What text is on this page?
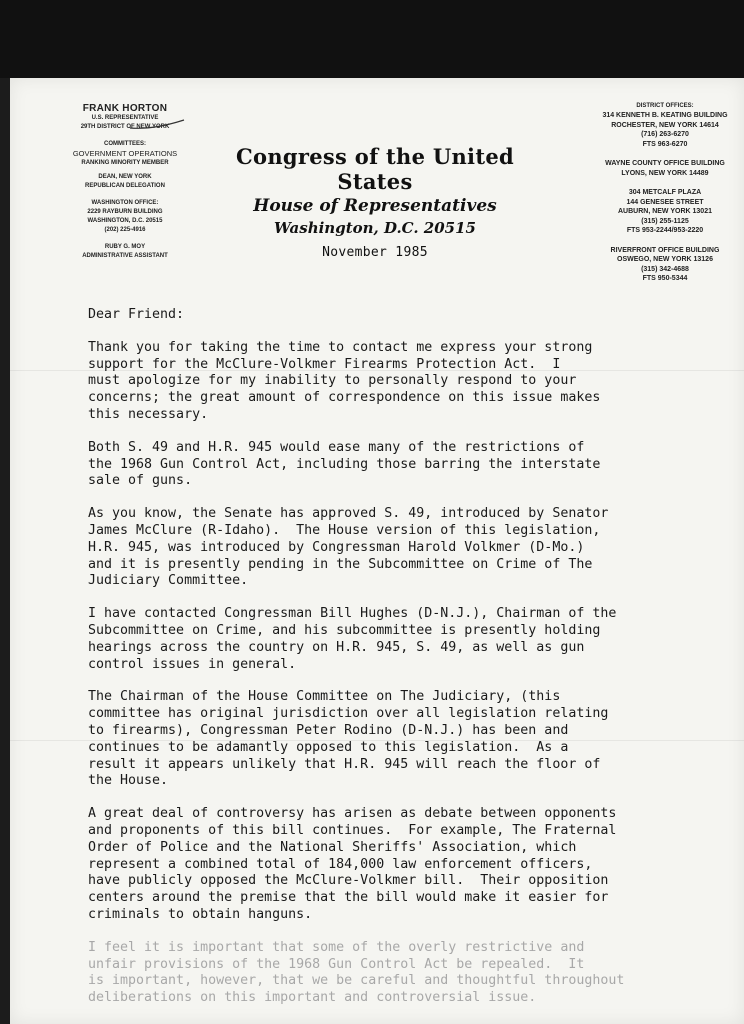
FRANK HORTON
U.S. REPRESENTATIVE
29TH DISTRICT OF NEW YORK
COMMITTEES:
GOVERNMENT OPERATIONS
RANKING MINORITY MEMBER
DEAN, NEW YORK
REPUBLICAN DELEGATION
WASHINGTON OFFICE:
2229 RAYBURN BUILDING
WASHINGTON, D.C. 20515
(202) 225-4916
RUBY G. MOY
ADMINISTRATIVE ASSISTANT
Congress of the United States
House of Representatives
Washington, D.C. 20515
November 1985
DISTRICT OFFICES:
314 KENNETH B. KEATING BUILDING
ROCHESTER, NEW YORK 14614
(716) 263-6270
FTS 963-6270
WAYNE COUNTY OFFICE BUILDING
LYONS, NEW YORK 14489
304 METCALF PLAZA
144 GENESEE STREET
AUBURN, NEW YORK 13021
(315) 255-1125
FTS 953-2244/953-2220
RIVERFRONT OFFICE BUILDING
OSWEGO, NEW YORK 13126
(315) 342-4688
FTS 950-5344

Dear Friend:

Thank you for taking the time to contact me express your strong
support for the McClure-Volkmer Firearms Protection Act.  I
must apologize for my inability to personally respond to your
concerns; the great amount of correspondence on this issue makes
this necessary.

Both S. 49 and H.R. 945 would ease many of the restrictions of
the 1968 Gun Control Act, including those barring the interstate
sale of guns.

As you know, the Senate has approved S. 49, introduced by Senator
James McClure (R-Idaho).  The House version of this legislation,
H.R. 945, was introduced by Congressman Harold Volkmer (D-Mo.)
and it is presently pending in the Subcommittee on Crime of The
Judiciary Committee.

I have contacted Congressman Bill Hughes (D-N.J.), Chairman of the
Subcommittee on Crime, and his subcommittee is presently holding
hearings across the country on H.R. 945, S. 49, as well as gun
control issues in general.

The Chairman of the House Committee on The Judiciary, (this
committee has original jurisdiction over all legislation relating
to firearms), Congressman Peter Rodino (D-N.J.) has been and
continues to be adamantly opposed to this legislation.  As a
result it appears unlikely that H.R. 945 will reach the floor of
the House.

A great deal of controversy has arisen as debate between opponents
and proponents of this bill continues.  For example, The Fraternal
Order of Police and the National Sheriffs' Association, which
represent a combined total of 184,000 law enforcement officers,
have publicly opposed the McClure-Volkmer bill.  Their opposition
centers around the premise that the bill would make it easier for
criminals to obtain hanguns.

I feel it is important that some of the overly restrictive and
unfair provisions of the 1968 Gun Control Act be repealed.  It
is important, however, that we be careful and thoughtful throughout
deliberations on this important and controversial issue.
